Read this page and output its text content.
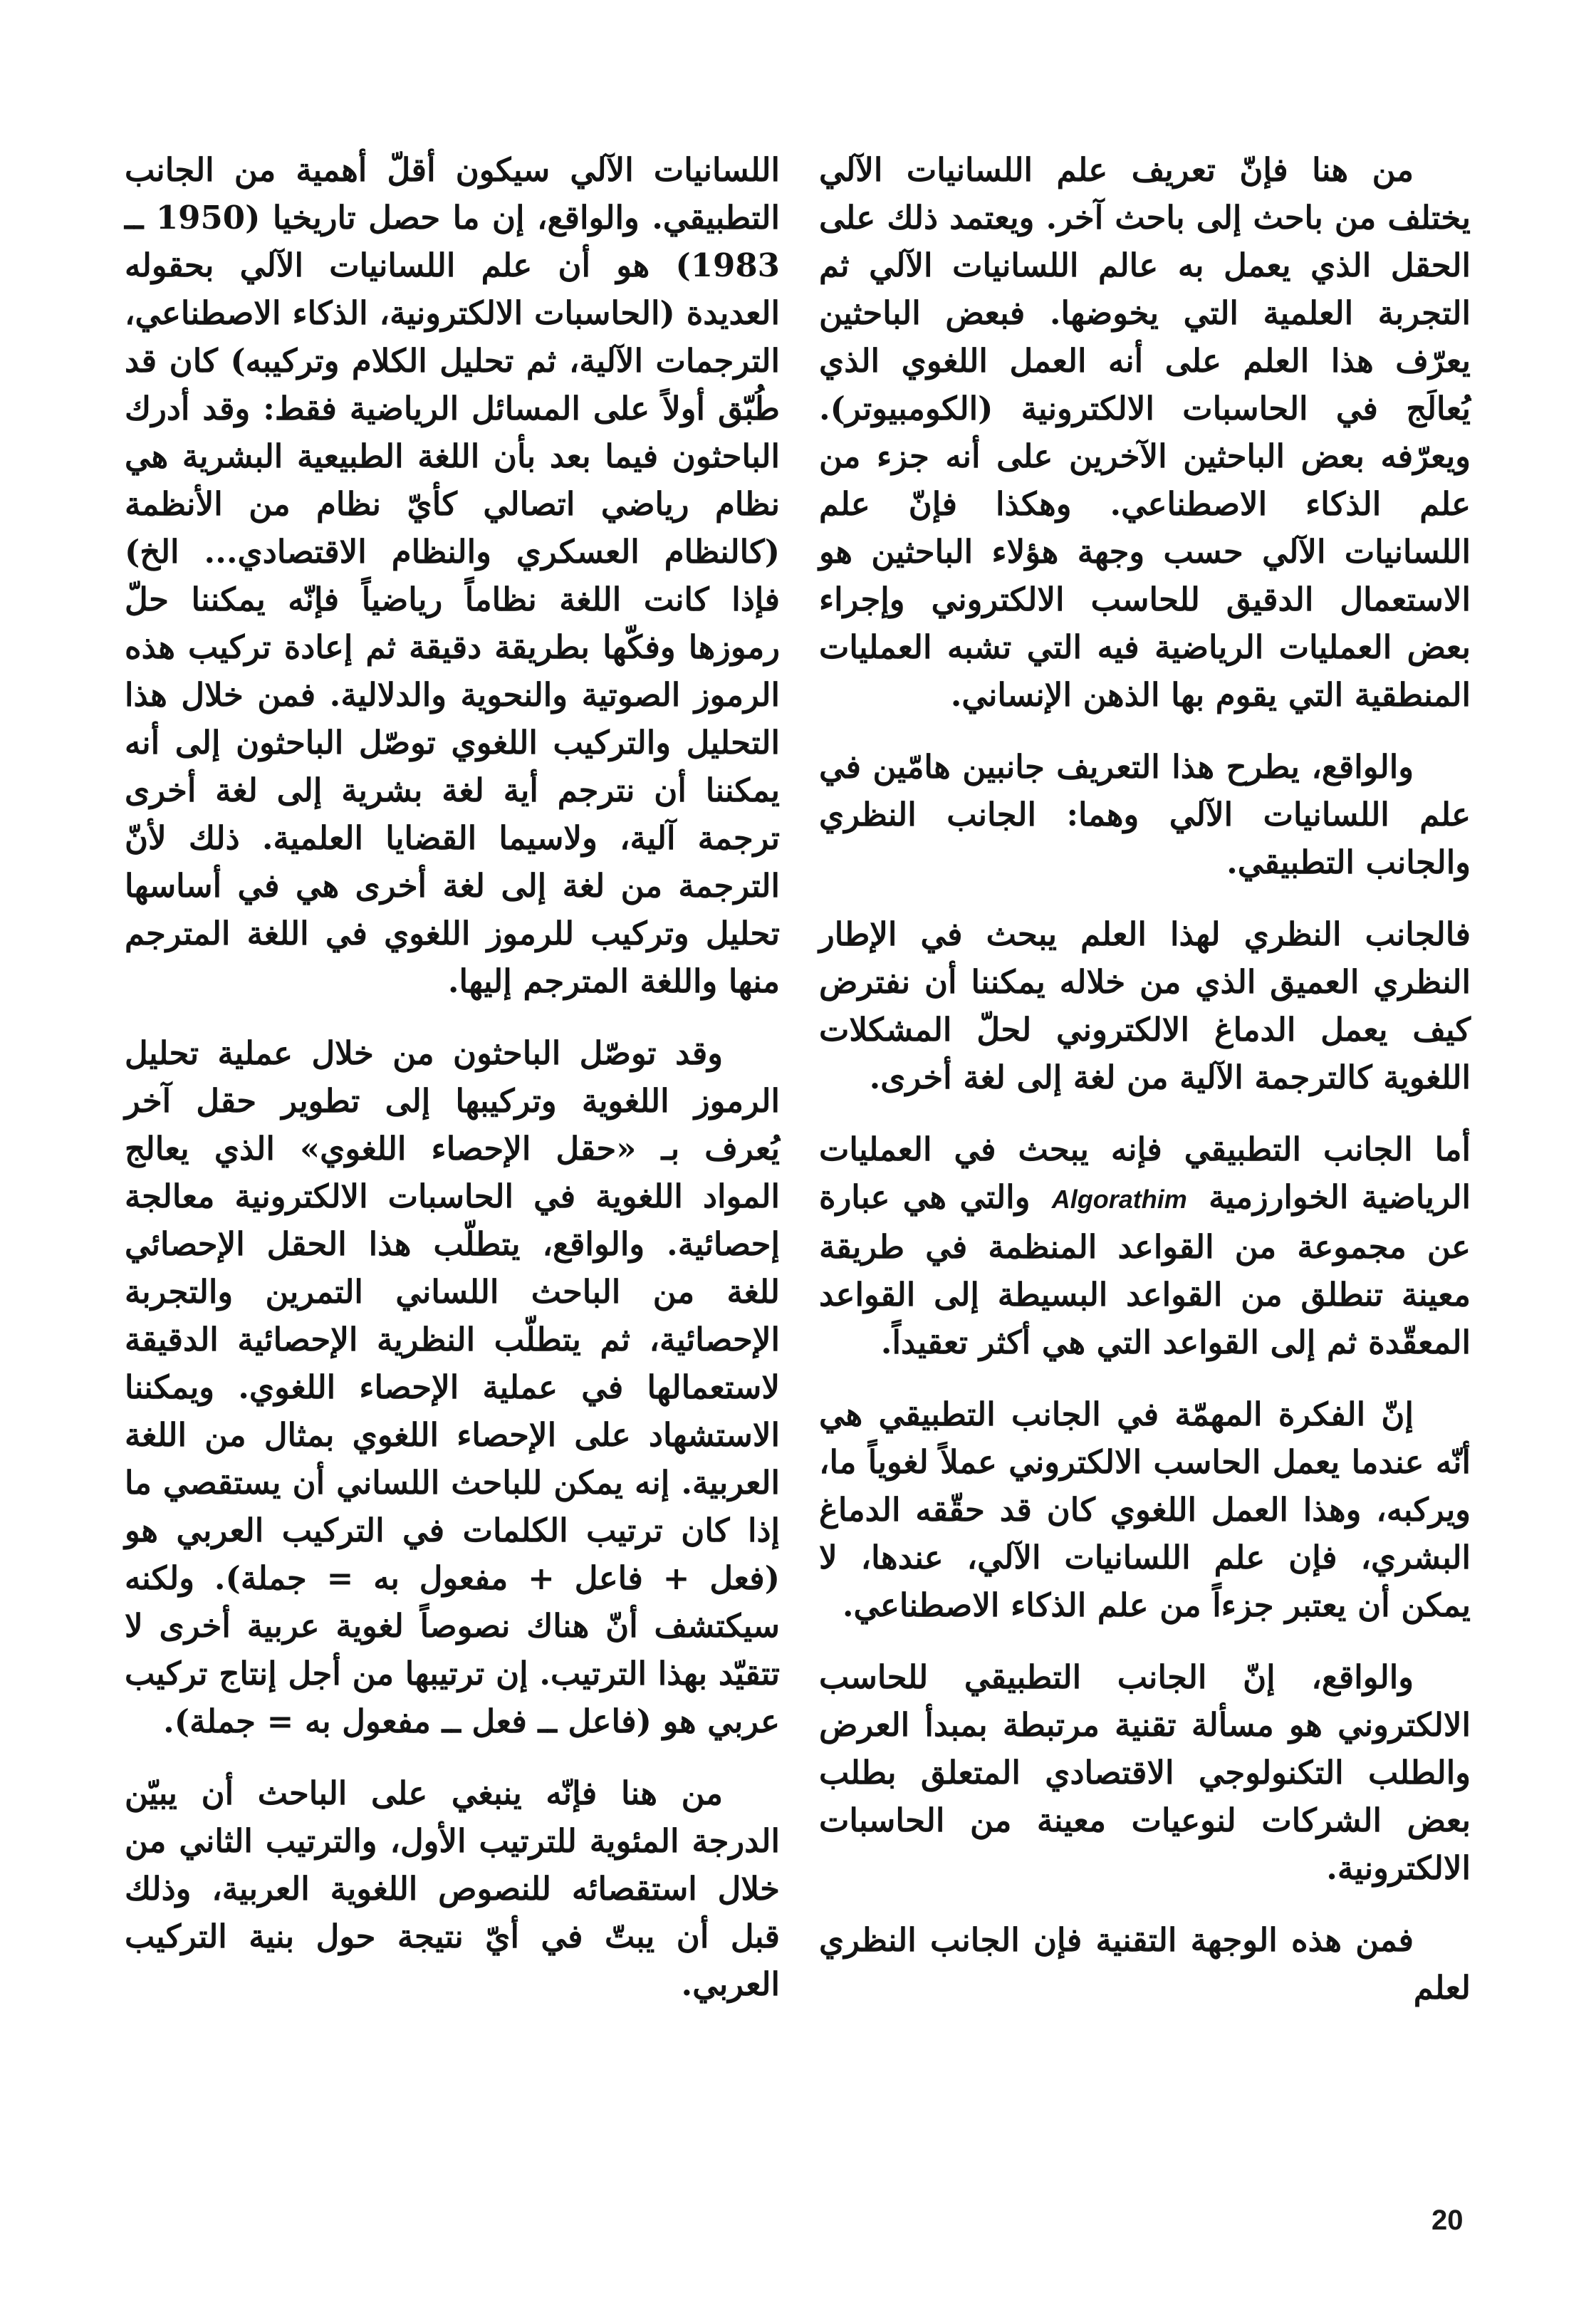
من هنا فإنّ تعريف علم اللسانيات الآلي يختلف من باحث إلى باحث آخر. ويعتمد ذلك على الحقل الذي يعمل به عالم اللسانيات الآلي ثم التجربة العلمية التي يخوضها. فبعض الباحثين يعرّف هذا العلم على أنه العمل اللغوي الذي يُعالَج في الحاسبات الالكترونية (الكومبيوتر). ويعرّفه بعض الباحثين الآخرين على أنه جزء من علم الذكاء الاصطناعي. وهكذا فإنّ علم اللسانيات الآلي حسب وجهة هؤلاء الباحثين هو الاستعمال الدقيق للحاسب الالكتروني وإجراء بعض العمليات الرياضية فيه التي تشبه العمليات المنطقية التي يقوم بها الذهن الإنساني.

والواقع، يطرح هذا التعريف جانبين هامّين في علم اللسانيات الآلي وهما: الجانب النظري والجانب التطبيقي.

فالجانب النظري لهذا العلم يبحث في الإطار النظري العميق الذي من خلاله يمكننا أن نفترض كيف يعمل الدماغ الالكتروني لحلّ المشكلات اللغوية كالترجمة الآلية من لغة إلى لغة أخرى.

أما الجانب التطبيقي فإنه يبحث في العمليات الرياضية الخوارزمية Algorathim والتي هي عبارة عن مجموعة من القواعد المنظمة في طريقة معينة تنطلق من القواعد البسيطة إلى القواعد المعقّدة ثم إلى القواعد التي هي أكثر تعقيداً.

إنّ الفكرة المهمّة في الجانب التطبيقي هي أنّه عندما يعمل الحاسب الالكتروني عملاً لغوياً ما، ويركبه، وهذا العمل اللغوي كان قد حقّقه الدماغ البشري، فإن علم اللسانيات الآلي، عندها، لا يمكن أن يعتبر جزءاً من علم الذكاء الاصطناعي.

والواقع، إنّ الجانب التطبيقي للحاسب الالكتروني هو مسألة تقنية مرتبطة بمبدأ العرض والطلب التكنولوجي الاقتصادي المتعلق بطلب بعض الشركات لنوعيات معينة من الحاسبات الالكترونية.

فمن هذه الوجهة التقنية فإن الجانب النظري لعلم

اللسانيات الآلي سيكون أقلّ أهمية من الجانب التطبيقي. والواقع، إن ما حصل تاريخيا (1950 ــ 1983) هو أن علم اللسانيات الآلي بحقوله العديدة (الحاسبات الالكترونية، الذكاء الاصطناعي، الترجمات الآلية، ثم تحليل الكلام وتركيبه) كان قد طُبّق أولاً على المسائل الرياضية فقط: وقد أدرك الباحثون فيما بعد بأن اللغة الطبيعية البشرية هي نظام رياضي اتصالي كأيّ نظام من الأنظمة (كالنظام العسكري والنظام الاقتصادي... الخ) فإذا كانت اللغة نظاماً رياضياً فإنّه يمكننا حلّ رموزها وفكّها بطريقة دقيقة ثم إعادة تركيب هذه الرموز الصوتية والنحوية والدلالية. فمن خلال هذا التحليل والتركيب اللغوي توصّل الباحثون إلى أنه يمكننا أن نترجم أية لغة بشرية إلى لغة أخرى ترجمة آلية، ولاسيما القضايا العلمية. ذلك لأنّ الترجمة من لغة إلى لغة أخرى هي في أساسها تحليل وتركيب للرموز اللغوي في اللغة المترجم منها واللغة المترجم إليها.

وقد توصّل الباحثون من خلال عملية تحليل الرموز اللغوية وتركيبها إلى تطوير حقل آخر يُعرف بـ «حقل الإحصاء اللغوي» الذي يعالج المواد اللغوية في الحاسبات الالكترونية معالجة إحصائية. والواقع، يتطلّب هذا الحقل الإحصائي للغة من الباحث اللساني التمرين والتجربة الإحصائية، ثم يتطلّب النظرية الإحصائية الدقيقة لاستعمالها في عملية الإحصاء اللغوي. ويمكننا الاستشهاد على الإحصاء اللغوي بمثال من اللغة العربية. إنه يمكن للباحث اللساني أن يستقصي ما إذا كان ترتيب الكلمات في التركيب العربي هو (فعل + فاعل + مفعول به = جملة). ولكنه سيكتشف أنّ هناك نصوصاً لغوية عربية أخرى لا تتقيّد بهذا الترتيب. إن ترتيبها من أجل إنتاج تركيب عربي هو (فاعل ــ فعل ــ مفعول به = جملة).

من هنا فإنّه ينبغي على الباحث أن يبيّن الدرجة المئوية للترتيب الأول، والترتيب الثاني من خلال استقصائه للنصوص اللغوية العربية، وذلك قبل أن يبتّ في أيّ نتيجة حول بنية التركيب العربي.

20
